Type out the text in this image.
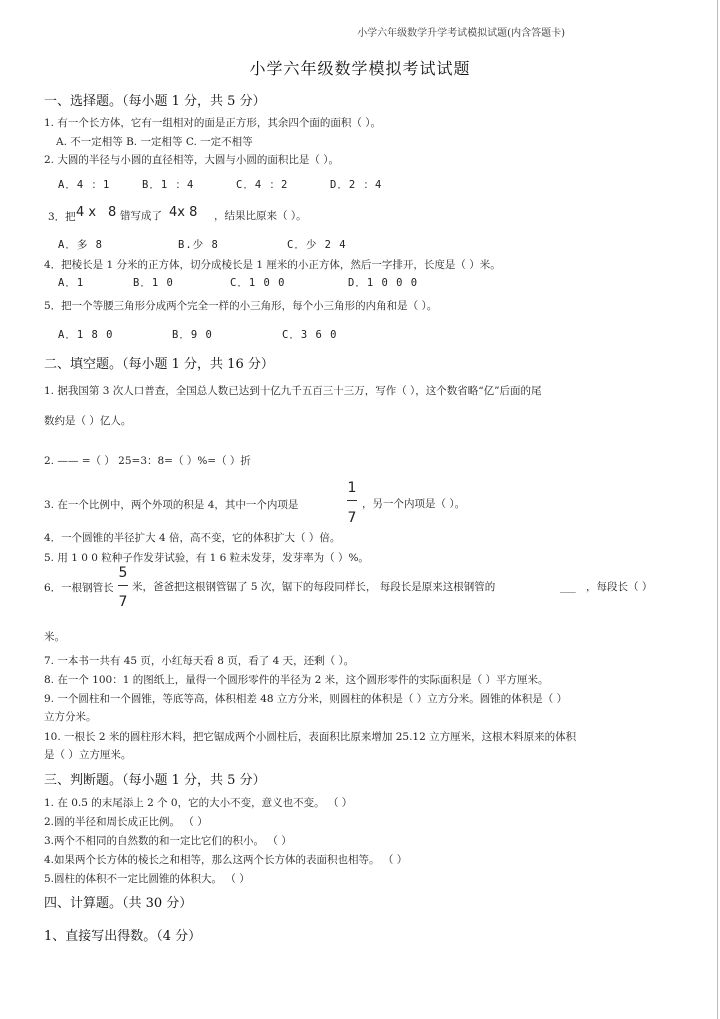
小学六年级数学升学考试模拟试题(内含答题卡)
小学六年级数学模拟考试试题
一、选择题。（每小题 1 分，共 5 分）
1. 有一个长方体，它有一组相对的面是正方形，其余四个面的面积（ ）。
A. 不一定相等 B. 一定相等 C. 一定不相等
2. 大圆的半径与小圆的直径相等，大圆与小圆的面积比是（ ）。
A．4 ：1	B．1 ：4	C．4 ：2	D．2 ：4
3．把 4 x 8 错写成了 4x 8 ，结果比原来（ ）。
A．多 8	B.少 8	C．少 2 4
4．把棱长是 1 分米的正方体，切分成棱长是 1 厘米的小正方体，然后一字排开，长度是（ ）米。
A．1	B．1 0	C．1 0 0	D．1 0 0 0
5．把一个等腰三角形分成两个完全一样的小三角形，每个小三角形的内角和是（ ）。
A．1 8 0	B．9 0	C．3 6 0
二、填空题。（每小题 1 分，共 16 分）
1. 据我国第 3 次人口普查，全国总人数已达到十亿九千五百三十三万，写作（ ），这个数省略“亿”后面的尾
数约是（ ）亿人。
2. —— =（ ） 25=3：8=（ ）%=（ ）折
3. 在一个比例中，两个外项的积是 4，其中一个内项是
1
7
，另一个内项是（ ）。
4．一个圆锥的半径扩大 4 倍，高不变，它的体积扩大（ ）倍。
5. 用 1 0 0 粒种子作发芽试验，有 1 6 粒未发芽，发芽率为（ ）%。
6．一根钢管长
5
7
米，爸爸把这根钢管锯了 5 次，锯下的每段同样长， 每段长是原来这根钢管的	___ ，每段长（ ）
米。
7. 一本书一共有 45 页，小红每天看 8 页，看了 4 天，还剩（ ）。
8. 在一个 100：1 的图纸上，量得一个圆形零件的半径为 2 米，这个圆形零件的实际面积是（ ）平方厘米。
9. 一个圆柱和一个圆锥，等底等高，体积相差 48 立方分米，则圆柱的体积是（ ）立方分米。圆锥的体积是（ ）
立方分米。
10. 一根长 2 米的圆柱形木料，把它锯成两个小圆柱后，表面积比原来增加 25.12 立方厘米，这根木料原来的体积
是（ ）立方厘米。
三、判断题。（每小题 1 分，共 5 分）
1. 在 0.5 的末尾添上 2 个 0，它的大小不变，意义也不变。 （ ）
2.圆的半径和周长成正比例。 （ ）
3.两个不相同的自然数的和一定比它们的积小。 （ ）
4.如果两个长方体的棱长之和相等，那么这两个长方体的表面积也相等。 （ ）
5.圆柱的体积不一定比圆锥的体积大。 （ ）
四、计算题。（共 30 分）
1、直接写出得数。（4 分）
